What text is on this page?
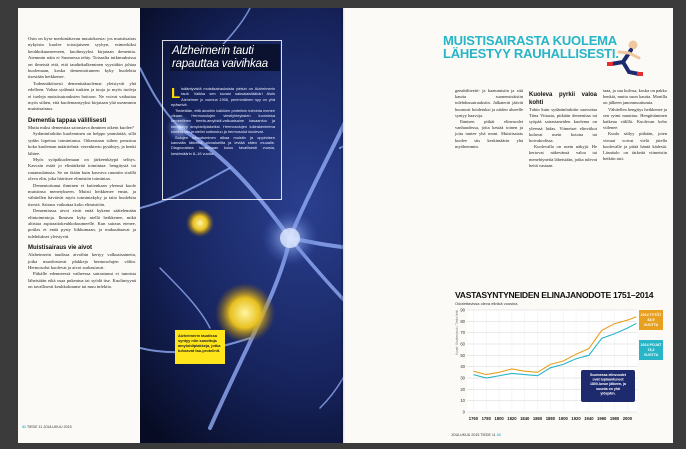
Osin on kyse merkintätavan muutoksesta: jos muistisairas nykyisin kuolee toissijaiseen syyhyn, esimerkiksi keuhkokuumeeseen, kuolinsyyksi kirjataan dementia. Aiemmin näin ei Suomessa tehty. Toisaalta tutkimuksissa on ilmeistä että, että taudinkulkeminen syystäkin johtaa kuolemaan, koska dementoituneen kyky huolehtia itsestään heikkenee.

Todennäköisesti dementiakuolemat yleistyvät yhä edelleen. Valtaa sydämiä tuskien ja tuoja jo myös tuoleja ei tuoleja muistisairauksien hoitoon. Ne voivat vaikuttaa myös siihen, että kuolemansyyksi kirjataan yhä useammin muistisairaus.

Dementia tappaa välillisesti

Mutta miksi dementiaa sairastava ihminen oikein kuolee?

Sydäninfarktiin kuoleminen on helppo ymmärtää, sillä sydän lopettaa toimintansa. Oikeastaan siihen perustuu koko kuoleman määritelmä: verenkierto pysähtyy, ja henki lähtee.

Myös syöpäkuolemaan on järkeenkäypä selitys. Kasvain estää jo elintärkeää toimintaa: hengitystä tai ruuansulatusta. Se on ikään kuin kasvava ruumiin sisällä oleva elin, joka häiritsee elimistön toimintaa.

Dementoitunut ihminen ei kuitenkaan yleensä kuole muistinsa menetykseen. Muisti heikkenee ensin, ja vähitellen häviävät myös toimintakyky ja taito huolehtia itsestä. Sairaus vaikuttaa koko elimistöön.

Dementiassa aivot eivät enää kykene säätelemään elintoimintoja. Ihmisen kyky niellä heikkenee, mikä altistaa aspiraatiokeuhkokuumeelle. Kun sairaus etenee, potilas ei enää pysty liikkumaan, ja makuuhaavat ja tulehdukset yleistyvät.

Muistisairaus vie aivot

Alzheimerin taudissa aivoihin kertyy valkuaisaineita, jotka muodostavat plakkeja hermosolujen väliin. Hermosolut kuolevat ja aivot surkastuvat.

Pitkälle edenneessä vaiheessa sairastunut ei tunnista läheisiään eikä osaa pukeutua tai syödä itse. Kuolinsyynä on tavallisesti keuhkokuume tai muu infektio.

MUISTISAIRASTA KUOLEMA
LÄHESTYY RAUHALLISESTI.

genabiliteetti- ja kaatumisiin ja sitä kautta suonensisäisiin tulehdussairauksiin. Jalkaterät jäävät huonosti hoidetuksi ja niiden alueelle syntyy haavoja.

Ihmisen pitkät elinvuodet vanhuudessa, joita kestää toinen ja joita tuntee yhä moni. Muistisairas kuolee siis keskimäärin yhä myöhemmin.

Kuoleva pyrkii valoa kohti

Tuhin kuin sydäninfarktiin saavuttaa Tiina Viitasta, pitkään dementiaa tai syöpää sairastaneiden kuolema on yleensä hidas. Viimeiset elinviikot kuluvat usein kotona tai hoivakodissa.

Kuolevalla on usein näkyjä. He kertovat näkevänsä valoa tai menehtyneitä läheisiään, jotka tulevat heitä vastaan.

taaa, ja sau kulvua, koska on pakko henkiä, mutta suun kautta. Monilla on jälkeen janonmuuttumia.

Vähitellen hengitys heikkenee ja sen rytmi muuttuu. Hengittäminen katkeaa välillä. Kuolevan keho viilenee.

Kuulo säilyy pitkään, joten vieraat voivat vielä jutella kuolevalle ja pitää häntä kädestä. Läsnäolo on tärkeää viimeisiin hetkiin asti.

VASTASYNTYNEIDEN ELINAJANODOTE 1751–2014
Odotettavissa oleva elinikä vuosina
0
10
20
30
40
50
60
70
80
90
1760 1780 1800 1820 1840 1860 1880 1900 1920 1940 1960 1980 2000
2014 TYTÖT
83,9
VUOTTA
2014 POJAT
78,2
VUOTTA
Suomessa elinvuodet
ovat tuplaantuneet
1800-luvun jälkeen, ja
suunta on yhä
ylöspäin.
JOULUKUU 2015 TIEDE 11 33
Alzheimerin tauti rapauttaa vaivihkaa

Lisääntyvistä muistisairauksista yleisin on Alzheimerin tauti. Vaikka sen kuvasi saksalaislääkäri Alois Alzheimer jo vuonna 1906, perimmäinen syy on yhä epäselvä.

Tiedetään, että aivoihin kaikkien proteiinin toiminta menee vikaan. Hermosolujen viestiyhteyksien luonnissa tarpeellinen beeta-amyloidi-valkuaisaine kasaantuu ja kerääntyy amyloidiplakeiksi. Hermosolujen tukirakenteena toimiva tau-proteiini sotkeutuu ja hermosolut kuolevat.

Solujen tuhoutuminen alkaa muistin ja oppimisen kannalta tärkeiltä aivoalueilta ja leviää sitten muualle. Diagnoosista kuolemaan kuluu tavallisesti vuosia, keskimäärin 8–16 vuotta.

Alzheimerin taudissa syntyy niin sanottuja amyloidiplakkeja, jotka tuhoavat tau-proteiinit.	Kuvat: Shutterstock / Tiede-lehti
31 TIEDE 11 JOULUKUU 2015
